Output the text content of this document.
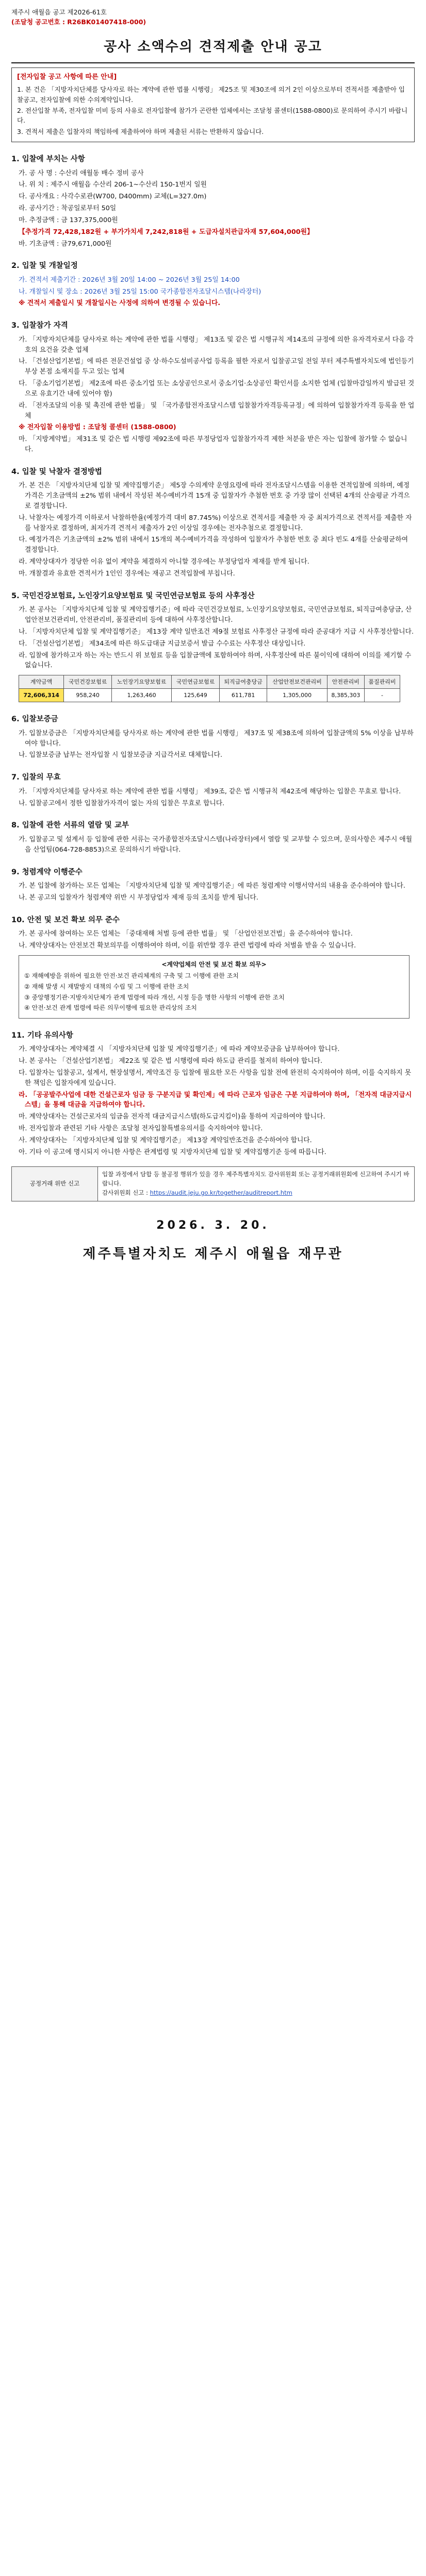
제주시 애월읍 공고 제2026-61호

(조달청 공고번호 : R26BK01407418-000)

공사 소액수의 견적제출 안내 공고
[전자입찰 공고 사항에 따른 안내]

1. 본 건은 「지방자치단체를 당사자로 하는 계약에 관한 법률 시행령」 제25조 및 제30조에 의거 2인 이상으로부터 견적서를 제출받아 입찰공고, 전자입찰에 의한 수의계약입니다.

2. 전산입찰 부족, 전자입찰 미비 등의 사유로 전자입찰에 참가가 곤란한 업체에서는 조달청 콜센터(1588-0800)로 문의하여 주시기 바랍니다.

3. 견적서 제출은 입찰자의 책임하에 제출하여야 하며 제출된 서류는 반환하지 않습니다.

1. 입찰에 부치는 사항
가. 공 사 명 : 수산리 애월동 배수 정비 공사
나. 위 치 : 제주시 애월읍 수산리 206-1~수산리 150-1번지 일원
다. 공사개요 : 사각수로관(W700, D400mm) 교체(L=327.0m)
라. 공사기간 : 착공일로부터 50일
마. 추정금액 : 금 137,375,000원
【추정가격 72,428,182원 + 부가가치세 7,242,818원 + 도급자설치관급자재 57,604,000원】
바. 기초금액 : 금79,671,000원
2. 입찰 및 개찰일정
가. 견적서 제출기간 : 2026년 3월 20일 14:00 ~ 2026년 3월 25일 14:00
나. 개찰일시 및 장소 : 2026년 3월 25일 15:00 국가종합전자조달시스템(나라장터)
※ 견적서 제출일시 및 개찰일시는 사정에 의하여 변경될 수 있습니다.
3. 입찰참가 자격
가. 「지방자치단체를 당사자로 하는 계약에 관한 법률 시행령」 제13조 및 같은 법 시행규칙 제14조의 규정에 의한 유자격자로서 다음 각 호의 요건을 갖춘 업체
나. 「건설산업기본법」에 따른 전문건설업 중 상·하수도설비공사업 등록을 필한 자로서 입찰공고일 전일 부터 제주특별자치도에 법인등기부상 본점 소재지를 두고 있는 업체
다. 「중소기업기본법」 제2조에 따른 중소기업 또는 소상공인으로서 중소기업·소상공인 확인서를 소지한 업체 (입찰마감일까지 발급된 것으로 유효기간 내에 있어야 함)
라. 「전자조달의 이용 및 촉진에 관한 법률」 및 「국가종합전자조달시스템 입찰참가자격등록규정」에 의하여 입찰참가자격 등록을 한 업체
※ 전자입찰 이용방법 : 조달청 콜센터 (1588-0800)
마. 「지방계약법」 제31조 및 같은 법 시행령 제92조에 따른 부정당업자 입찰참가자격 제한 처분을 받은 자는 입찰에 참가할 수 없습니다.
4. 입찰 및 낙찰자 결정방법
가. 본 건은 「지방자치단체 입찰 및 계약집행기준」 제5장 수의계약 운영요령에 따라 전자조달시스템을 이용한 견적입찰에 의하며, 예정가격은 기초금액의 ±2% 범위 내에서 작성된 복수예비가격 15개 중 입찰자가 추첨한 번호 중 가장 많이 선택된 4개의 산술평균 가격으로 결정합니다.
나. 낙찰자는 예정가격 이하로서 낙찰하한율(예정가격 대비 87.745%) 이상으로 견적서를 제출한 자 중 최저가격으로 견적서를 제출한 자를 낙찰자로 결정하며, 최저가격 견적서 제출자가 2인 이상일 경우에는 전자추첨으로 결정합니다.
다. 예정가격은 기초금액의 ±2% 범위 내에서 15개의 복수예비가격을 작성하여 입찰자가 추첨한 번호 중 최다 빈도 4개를 산술평균하여 결정합니다.
라. 계약상대자가 정당한 이유 없이 계약을 체결하지 아니할 경우에는 부정당업자 제재를 받게 됩니다.
마. 개찰결과 유효한 견적서가 1인인 경우에는 재공고 견적입찰에 부칩니다.
5. 국민건강보험료, 노인장기요양보험료 및 국민연금보험료 등의 사후정산
가. 본 공사는 「지방자치단체 입찰 및 계약집행기준」에 따라 국민건강보험료, 노인장기요양보험료, 국민연금보험료, 퇴직급여충당금, 산업안전보건관리비, 안전관리비, 품질관리비 등에 대하여 사후정산합니다.
나. 「지방자치단체 입찰 및 계약집행기준」 제13장 계약 일반조건 제9절 보험료 사후정산 규정에 따라 준공대가 지급 시 사후정산합니다.
다. 「건설산업기본법」 제34조에 따른 하도급대금 지급보증서 발급 수수료는 사후정산 대상입니다.
라. 입찰에 참가하고자 하는 자는 반드시 위 보험료 등을 입찰금액에 포함하여야 하며, 사후정산에 따른 불이익에 대하여 이의를 제기할 수 없습니다.
계약금액	국민건강보험료	노인장기요양보험료	국민연금보험료	퇴직급여충당금	산업안전보건관리비	안전관리비	품질관리비
72,606,314	958,240	1,263,460	125,649	611,781	1,305,000	8,385,303	-
6. 입찰보증금
가. 입찰보증금은 「지방자치단체를 당사자로 하는 계약에 관한 법률 시행령」 제37조 및 제38조에 의하여 입찰금액의 5% 이상을 납부하여야 합니다.
나. 입찰보증금 납부는 전자입찰 시 입찰보증금 지급각서로 대체합니다.
7. 입찰의 무효
가. 「지방자치단체를 당사자로 하는 계약에 관한 법률 시행령」 제39조, 같은 법 시행규칙 제42조에 해당하는 입찰은 무효로 합니다.
나. 입찰공고에서 정한 입찰참가자격이 없는 자의 입찰은 무효로 합니다.
8. 입찰에 관한 서류의 열람 및 교부
가. 입찰공고 및 설계서 등 입찰에 관한 서류는 국가종합전자조달시스템(나라장터)에서 열람 및 교부할 수 있으며, 문의사항은 제주시 애월읍 산업팀(064-728-8853)으로 문의하시기 바랍니다.
9. 청렴계약 이행준수
가. 본 입찰에 참가하는 모든 업체는 「지방자치단체 입찰 및 계약집행기준」에 따른 청렴계약 이행서약서의 내용을 준수하여야 합니다.
나. 본 공고의 입찰자가 청렴계약 위반 시 부정당업자 제재 등의 조치를 받게 됩니다.
10. 안전 및 보건 확보 의무 준수
가. 본 공사에 참여하는 모든 업체는 「중대재해 처벌 등에 관한 법률」 및 「산업안전보건법」을 준수하여야 합니다.
나. 계약상대자는 안전보건 확보의무를 이행하여야 하며, 이를 위반할 경우 관련 법령에 따라 처벌을 받을 수 있습니다.
<계약업체의 안전 및 보건 확보 의무>

① 재해예방을 위하여 필요한 안전·보건 관리체계의 구축 및 그 이행에 관한 조치

② 재해 발생 시 재발방지 대책의 수립 및 그 이행에 관한 조치

③ 중앙행정기관·지방자치단체가 관계 법령에 따라 개선, 시정 등을 명한 사항의 이행에 관한 조치

④ 안전·보건 관계 법령에 따른 의무이행에 필요한 관리상의 조치

11. 기타 유의사항
가. 계약상대자는 계약체결 시 「지방자치단체 입찰 및 계약집행기준」에 따라 계약보증금을 납부하여야 합니다.
나. 본 공사는 「건설산업기본법」 제22조 및 같은 법 시행령에 따라 하도급 관리를 철저히 하여야 합니다.
다. 입찰자는 입찰공고, 설계서, 현장설명서, 계약조건 등 입찰에 필요한 모든 사항을 입찰 전에 완전히 숙지하여야 하며, 이를 숙지하지 못한 책임은 입찰자에게 있습니다.
라. 「공공발주사업에 대한 건설근로자 임금 등 구분지급 및 확인제」에 따라 근로자 임금은 구분 지급하여야 하며, 「전자적 대금지급시스템」을 통해 대금을 지급하여야 합니다.
마. 계약상대자는 건설근로자의 임금을 전자적 대금지급시스템(하도급지킴이)을 통하여 지급하여야 합니다.
바. 전자입찰과 관련된 기타 사항은 조달청 전자입찰특별유의서를 숙지하여야 합니다.
사. 계약상대자는 「지방자치단체 입찰 및 계약집행기준」 제13장 계약일반조건을 준수하여야 합니다.
아. 기타 이 공고에 명시되지 아니한 사항은 관계법령 및 지방자치단체 입찰 및 계약집행기준 등에 따릅니다.
공정거래 위반 신고	입찰 과정에서 담합 등 불공정 행위가 있을 경우 제주특별자치도 감사위원회 또는 공정거래위원회에 신고하여 주시기 바랍니다.
감사위원회 신고 : https://audit.jeju.go.kr/together/auditreport.htm
2026. 3. 20.
제주특별자치도 제주시 애월읍 재무관
